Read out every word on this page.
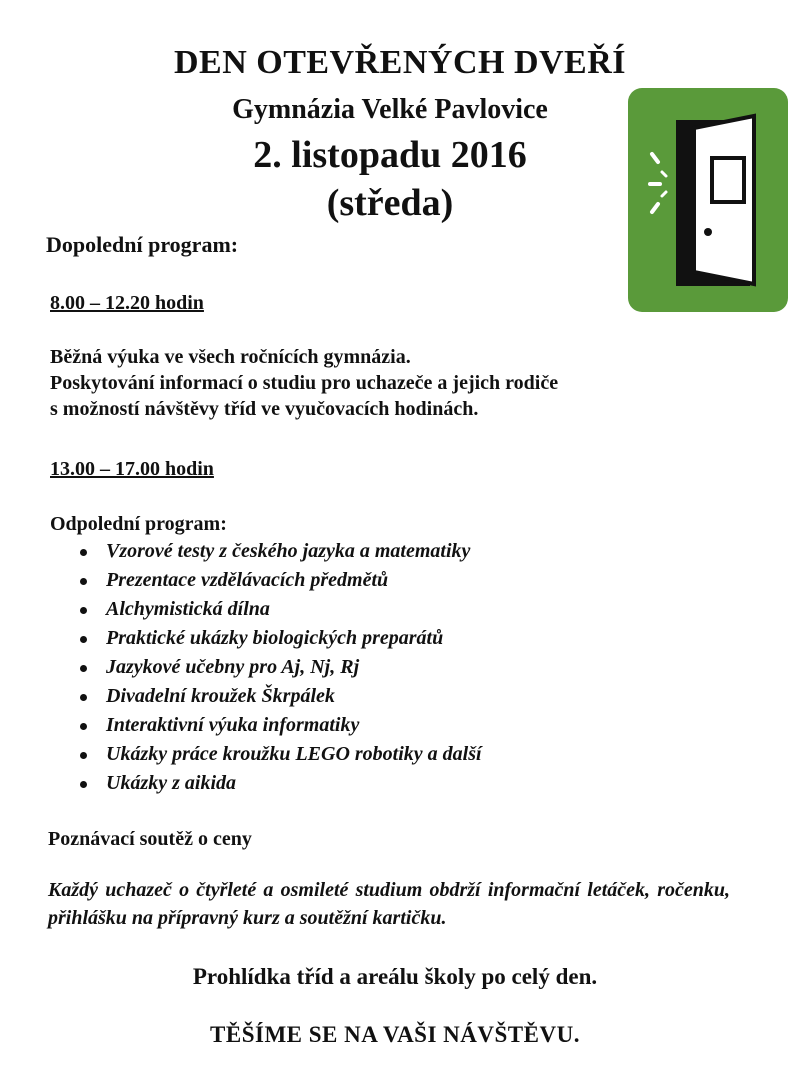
DEN OTEVŘENÝCH DVEŘÍ
Gymnázia Velké Pavlovice
2. listopadu 2016
(středa)
Dopolední program:
8.00 – 12.20 hodin
Běžná výuka ve všech ročnících gymnázia.
Poskytování informací o studiu pro uchazeče a jejich rodiče
s možností návštěvy tříd ve vyučovacích hodinách.
13.00 – 17.00 hodin
Odpolední program:
Vzorové testy z českého jazyka a matematiky
Prezentace vzdělávacích předmětů
Alchymistická dílna
Praktické ukázky biologických preparátů
Jazykové učebny pro Aj, Nj, Rj
Divadelní kroužek Škrpálek
Interaktivní výuka informatiky
Ukázky práce kroužku LEGO robotiky a další
Ukázky z aikida
Poznávací soutěž o ceny
Každý uchazeč o čtyřleté a osmileté studium obdrží informační letáček, ročenku, přihlášku na přípravný kurz a soutěžní kartičku.
Prohlídka tříd a areálu školy po celý den.
TĚŠÍME SE NA VAŠI NÁVŠTĚVU.
